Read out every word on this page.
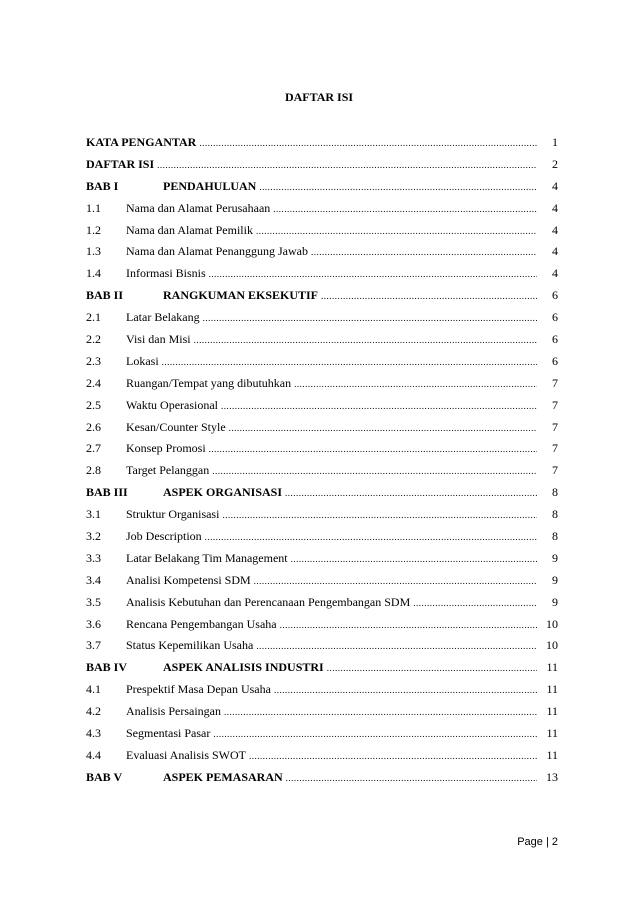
DAFTAR ISI
KATA PENGANTAR .....	1
DAFTAR ISI .....	2
BAB I	PENDAHULUAN .....	4
1.1	Nama dan Alamat Perusahaan .....	4
1.2	Nama dan Alamat Pemilik .....	4
1.3	Nama dan Alamat Penanggung Jawab .....	4
1.4	Informasi Bisnis .....	4
BAB II	RANGKUMAN EKSEKUTIF .....	6
2.1	Latar Belakang .....	6
2.2	Visi dan Misi .....	6
2.3	Lokasi .....	6
2.4	Ruangan/Tempat yang dibutuhkan .....	7
2.5	Waktu Operasional .....	7
2.6	Kesan/Counter Style .....	7
2.7	Konsep Promosi .....	7
2.8	Target Pelanggan .....	7
BAB III	ASPEK ORGANISASI .....	8
3.1	Struktur Organisasi .....	8
3.2	Job Description .....	8
3.3	Latar Belakang Tim Management .....	9
3.4	Analisi Kompetensi SDM .....	9
3.5	Analisis Kebutuhan dan Perencanaan Pengembangan SDM .....	9
3.6	Rencana Pengembangan Usaha .....	10
3.7	Status Kepemilikan Usaha .....	10
BAB IV	ASPEK ANALISIS INDUSTRI .....	11
4.1	Prespektif Masa Depan Usaha .....	11
4.2	Analisis Persaingan .....	11
4.3	Segmentasi Pasar .....	11
4.4	Evaluasi Analisis SWOT .....	11
BAB V	ASPEK PEMASARAN .....	13
Page | 2
